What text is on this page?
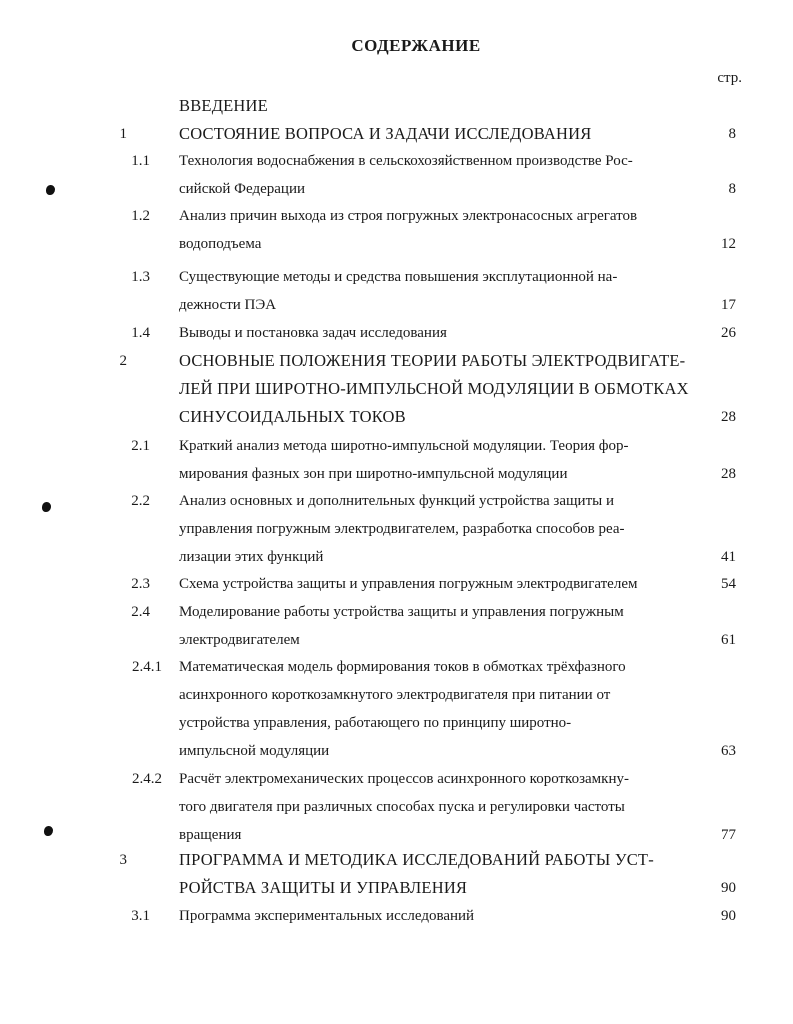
СОДЕРЖАНИЕ
стр.
ВВЕДЕНИЕ
1	СОСТОЯНИЕ ВОПРОСА И ЗАДАЧИ ИССЛЕДОВАНИЯ	8
1.1 Технология водоснабжения в сельскохозяйственном производстве Рос-
сийской Федерации	8
1.2 Анализ причин выхода из строя погружных электронасосных агрегатов
водоподъема	12
1.3 Существующие методы и средства повышения эксплутационной на-
дежности ПЭА	17
1.4 Выводы и постановка задач исследования	26
2	ОСНОВНЫЕ ПОЛОЖЕНИЯ ТЕОРИИ РАБОТЫ ЭЛЕКТРОДВИГАТЕ-
ЛЕЙ ПРИ ШИРОТНО-ИМПУЛЬСНОЙ МОДУЛЯЦИИ В ОБМОТКАХ
СИНУСОИДАЛЬНЫХ ТОКОВ	28
2.1 Краткий анализ метода широтно-импульсной модуляции. Теория фор-
мирования фазных зон при широтно-импульсной модуляции	28
2.2 Анализ основных и дополнительных функций устройства защиты и
управления погружным электродвигателем, разработка способов реа-
лизации этих функций	41
2.3 Схема устройства защиты и управления погружным электродвигателем	54
2.4 Моделирование работы устройства защиты и управления погружным
электродвигателем	61
2.4.1 Математическая модель формирования токов в обмотках трёхфазного
асинхронного короткозамкнутого электродвигателя при питании от
устройства управления, работающего по принципу широтно-
импульсной модуляции	63
2.4.2 Расчёт электромеханических процессов асинхронного короткозамкну-
того двигателя при различных способах пуска и регулировки частоты
вращения	77
3	ПРОГРАММА И МЕТОДИКА ИССЛЕДОВАНИЙ РАБОТЫ УСТ-
РОЙСТВА ЗАЩИТЫ И УПРАВЛЕНИЯ	90
3.1 Программа экспериментальных исследований	90
